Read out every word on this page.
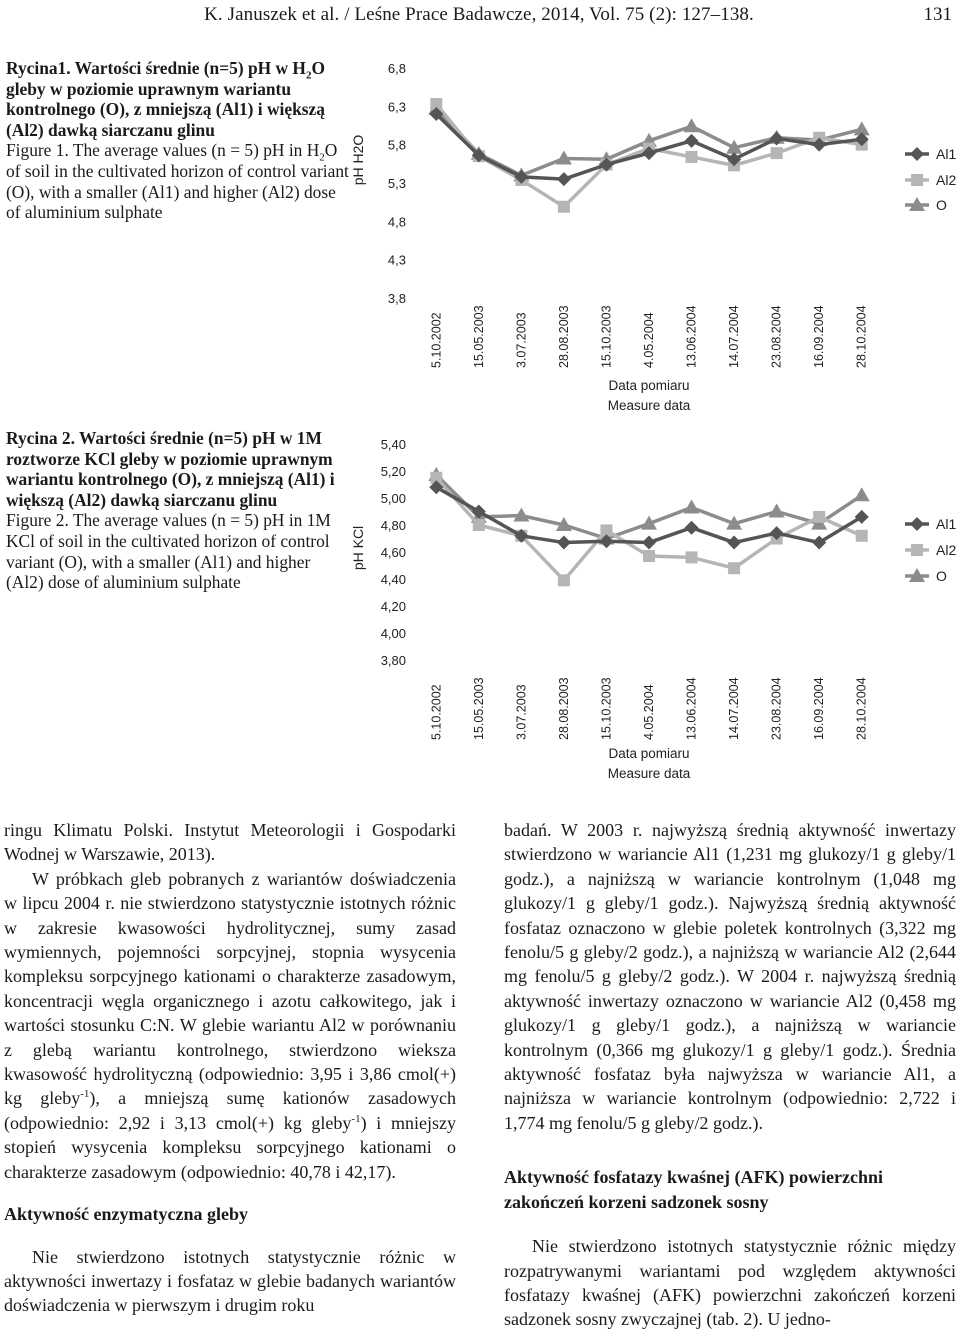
K. Januszek et al. / Leśne Prace Badawcze, 2014, Vol. 75 (2): 127–138.	131

Rycina1. Wartości średnie (n=5) pH w $H_2O$ gleby w poziomie uprawnym wariantu kontrolnego (O), z mniejszą (Al1) i większą (Al2) dawką siarczanu glinu

Figure 1. The average values (n = 5) pH in $H_2O$ of soil in the cultivated horizon of control variant (O), with a smaller (Al1) and higher (Al2) dose of aluminium sulphate

pH H2O
6,8
6,3
5,8
5,3
4,8
4,3
3,8
5.10.2002 15.05.2003 3.07.2003 28.08.2003 15.10.2003 4.05.2004 13.06.2004 14.07.2004 23.08.2004 16.09.2004 28.10.2004
Data pomiaru
Measure data
Al1
Al2
O

Rycina 2. Wartości średnie (n=5) pH w 1M roztworze KCl gleby w poziomie uprawnym wariantu kontrolnego (O), z mniejszą (Al1) i większą (Al2) dawką siarczanu glinu

Figure 2. The average values (n = 5) pH in 1M KCl of soil in the cultivated horizon of control variant (O), with a smaller (Al1) and higher (Al2) dose of aluminium sulphate

pH KCl
5,40
5,20
5,00
4,80
4,60
4,40
4,20
4,00
3,80
5.10.2002 15.05.2003 3.07.2003 28.08.2003 15.10.2003 4.05.2004 13.06.2004 14.07.2004 23.08.2004 16.09.2004 28.10.2004
Data pomiaru
Measure data
Al1
Al2
O

ringu Klimatu Polski. Instytut Meteorologii i Gospodarki Wodnej w Warszawie, 2013).

W próbkach gleb pobranych z wariantów doświadczenia w lipcu 2004 r. nie stwierdzono statystycznie istotnych różnic w zakresie kwasowości hydrolitycznej, sumy zasad wymiennych, pojemności sorpcyjnej, stopnia wysycenia kompleksu sorpcyjnego kationami o charakterze zasadowym, koncentracji węgla organicznego i azotu całkowitego, jak i wartości stosunku C:N. W glebie wariantu Al2 w porównaniu z glebą wariantu kontrolnego, stwierdzono wieksza kwasowość hydrolityczną (odpowiednio: 3,95 i 3,86 cmol(+) kg gleby$^{-1}$), a mniejszą sumę kationów zasadowych (odpowiednio: 2,92 i 3,13 cmol(+) kg gleby$^{-1}$) i mniejszy stopień wysycenia kompleksu sorpcyjnego kationami o charakterze zasadowym (odpowiednio: 40,78 i 42,17).

Aktywność enzymatyczna gleby

Nie stwierdzono istotnych statystycznie różnic w aktywności inwertazy i fosfataz w glebie badanych wariantów doświadczenia w pierwszym i drugim roku

badań. W 2003 r. najwyższą średnią aktywność inwertazy stwierdzono w wariancie Al1 (1,231 mg glukozy/1 g gleby/1 godz.), a najniższą w wariancie kontrolnym (1,048 mg glukozy/1 g gleby/1 godz.). Najwyższą średnią aktywność fosfataz oznaczono w glebie poletek kontrolnych (3,322 mg fenolu/5 g gleby/2 godz.), a najniższą w wariancie Al2 (2,644 mg fenolu/5 g gleby/2 godz.). W 2004 r. najwyższą średnią aktywność inwertazy oznaczono w wariancie Al2 (0,458 mg glukozy/1 g gleby/1 godz.), a najniższą w wariancie kontrolnym (0,366 mg glukozy/1 g gleby/1 godz.). Średnia aktywność fosfataz była najwyższa w wariancie Al1, a najniższa w wariancie kontrolnym (odpowiednio: 2,722 i 1,774 mg fenolu/5 g gleby/2 godz.).

Aktywność fosfatazy kwaśnej (AFK) powierzchni zakończeń korzeni sadzonek sosny

Nie stwierdzono istotnych statystycznie różnic między rozpatrywanymi wariantami pod względem aktywności fosfatazy kwaśnej (AFK) powierzchni zakończeń korzeni sadzonek sosny zwyczajnej (tab. 2). U jedno-
